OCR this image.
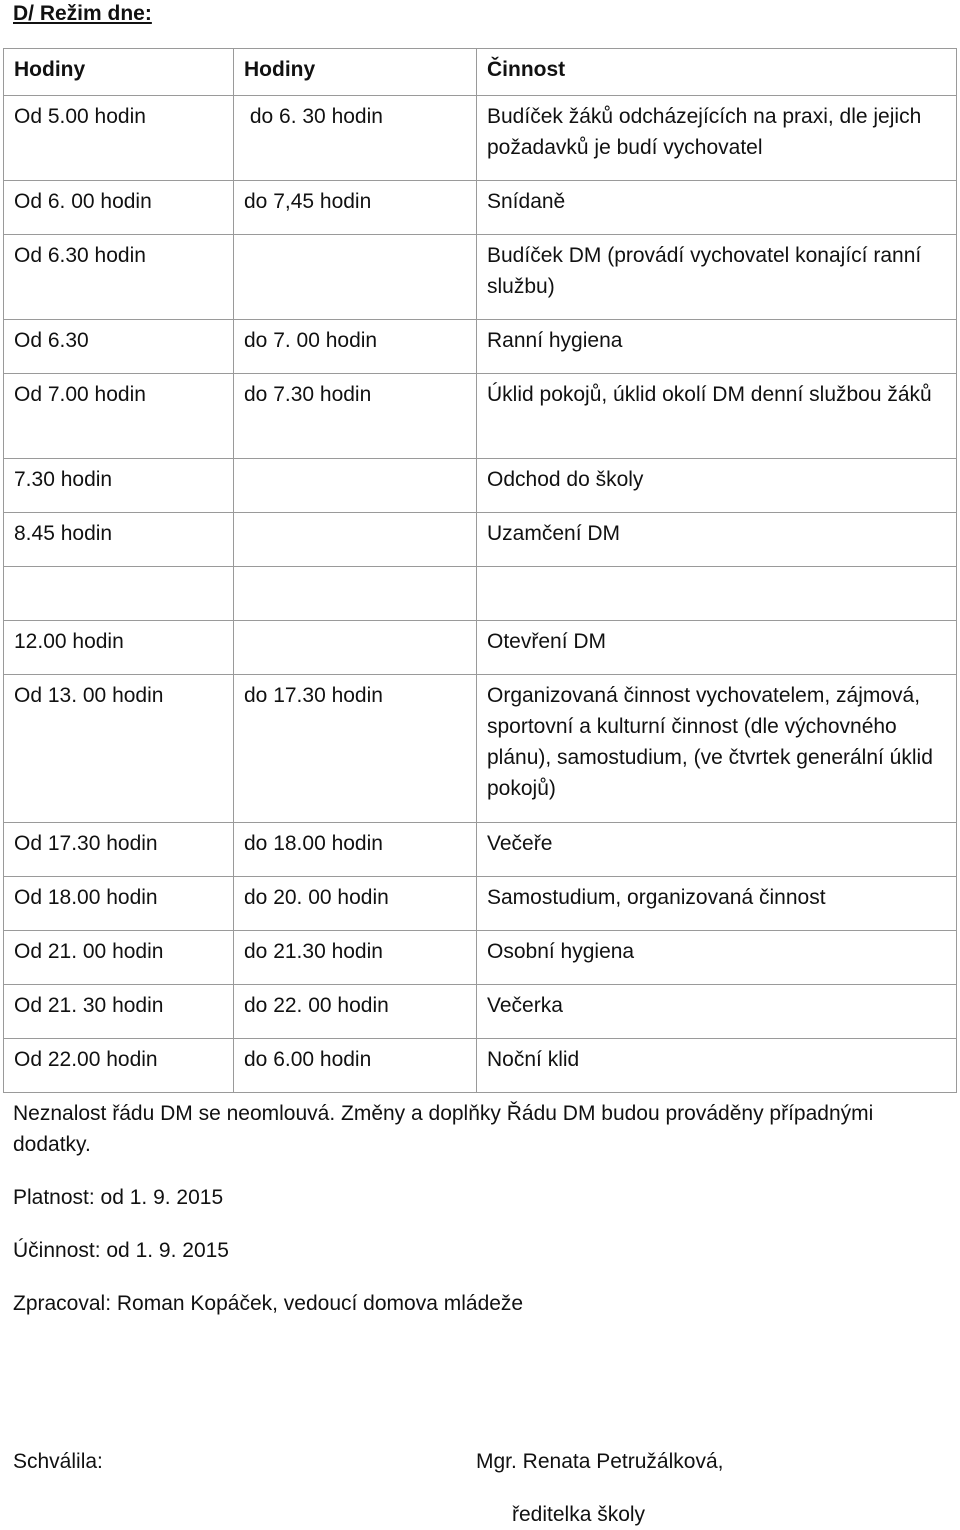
D/ Režim dne:
Hodiny	Hodiny	Činnost
Od 5.00 hodin	do 6. 30 hodin	Budíček žáků odcházejících na praxi, dle jejich požadavků je budí vychovatel
Od 6. 00 hodin	do 7,45 hodin	Snídaně
Od 6.30 hodin		Budíček DM (provádí vychovatel konající ranní službu)
Od 6.30	do 7. 00 hodin	Ranní hygiena
Od 7.00 hodin	do 7.30 hodin	Úklid pokojů, úklid okolí DM denní službou žáků
7.30 hodin		Odchod do školy
8.45 hodin		Uzamčení DM

12.00 hodin		Otevření DM
Od 13. 00 hodin	do 17.30 hodin	Organizovaná činnost vychovatelem, zájmová, sportovní a kulturní činnost (dle výchovného plánu), samostudium, (ve čtvrtek generální úklid pokojů)
Od 17.30 hodin	do 18.00 hodin	Večeře
Od 18.00 hodin	do 20. 00 hodin	Samostudium, organizovaná činnost
Od 21. 00 hodin	do 21.30 hodin	Osobní hygiena
Od 21. 30 hodin	do 22. 00 hodin	Večerka
Od 22.00 hodin	do 6.00 hodin	Noční klid

Neznalost řádu DM se neomlouvá. Změny a doplňky Řádu DM budou prováděny případnými dodatky.

Platnost: od 1. 9. 2015

Účinnost: od 1. 9. 2015

Zpracoval: Roman Kopáček, vedoucí domova mládeže

Schválila:	Mgr. Renata Petružálková,

ředitelka školy
